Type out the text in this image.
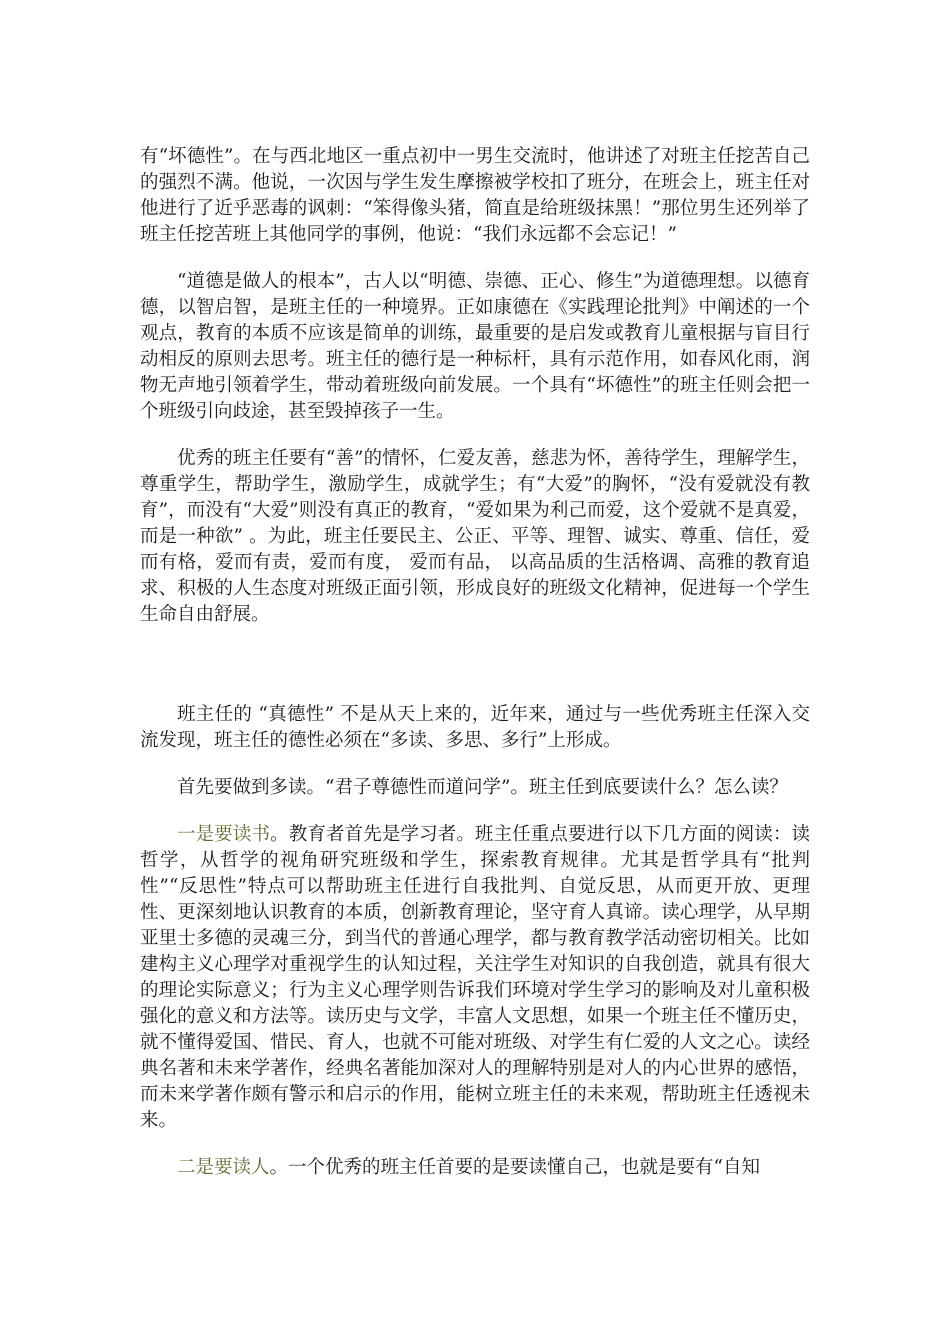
有“坏德性”。在与西北地区一重点初中一男生交流时，他讲述了对班主任挖苦自己的强烈不满。他说，一次因与学生发生摩擦被学校扣了班分，在班会上，班主任对他进行了近乎恶毒的讽刺：“笨得像头猪，简直是给班级抹黑！”那位男生还列举了班主任挖苦班上其他同学的事例，他说：“我们永远都不会忘记！”

“道德是做人的根本”，古人以“明德、崇德、正心、修生”为道德理想。以德育德，以智启智，是班主任的一种境界。正如康德在《实践理论批判》中阐述的一个观点，教育的本质不应该是简单的训练，最重要的是启发或教育儿童根据与盲目行动相反的原则去思考。班主任的德行是一种标杆，具有示范作用，如春风化雨，润物无声地引领着学生，带动着班级向前发展。一个具有“坏德性”的班主任则会把一个班级引向歧途，甚至毁掉孩子一生。

优秀的班主任要有“善”的情怀，仁爱友善，慈悲为怀，善待学生，理解学生，尊重学生，帮助学生，激励学生，成就学生；有“大爱”的胸怀，“没有爱就没有教育”，而没有“大爱”则没有真正的教育，“爱如果为利己而爱，这个爱就不是真爱，而是一种欲” 。为此，班主任要民主、公正、平等、理智、诚实、尊重、信任，爱而有格，爱而有责，爱而有度， 爱而有品， 以高品质的生活格调、高雅的教育追求、积极的人生态度对班级正面引领，形成良好的班级文化精神，促进每一个学生生命自由舒展。

班主任的 “真德性” 不是从天上来的，近年来，通过与一些优秀班主任深入交流发现，班主任的德性必须在“多读、多思、多行”上形成。

首先要做到多读。“君子尊德性而道问学”。班主任到底要读什么？怎么读？

一是要读书。教育者首先是学习者。班主任重点要进行以下几方面的阅读：读哲学，从哲学的视角研究班级和学生，探索教育规律。尤其是哲学具有“批判性”“反思性”特点可以帮助班主任进行自我批判、自觉反思，从而更开放、更理性、更深刻地认识教育的本质，创新教育理论，坚守育人真谛。读心理学，从早期亚里士多德的灵魂三分，到当代的普通心理学，都与教育教学活动密切相关。比如建构主义心理学对重视学生的认知过程，关注学生对知识的自我创造，就具有很大的理论实际意义；行为主义心理学则告诉我们环境对学生学习的影响及对儿童积极强化的意义和方法等。读历史与文学，丰富人文思想，如果一个班主任不懂历史，就不懂得爱国、惜民、育人，也就不可能对班级、对学生有仁爱的人文之心。读经典名著和未来学著作，经典名著能加深对人的理解特别是对人的内心世界的感悟，而未来学著作颇有警示和启示的作用，能树立班主任的未来观，帮助班主任透视未来。

二是要读人。一个优秀的班主任首要的是要读懂自己，也就是要有“自知
